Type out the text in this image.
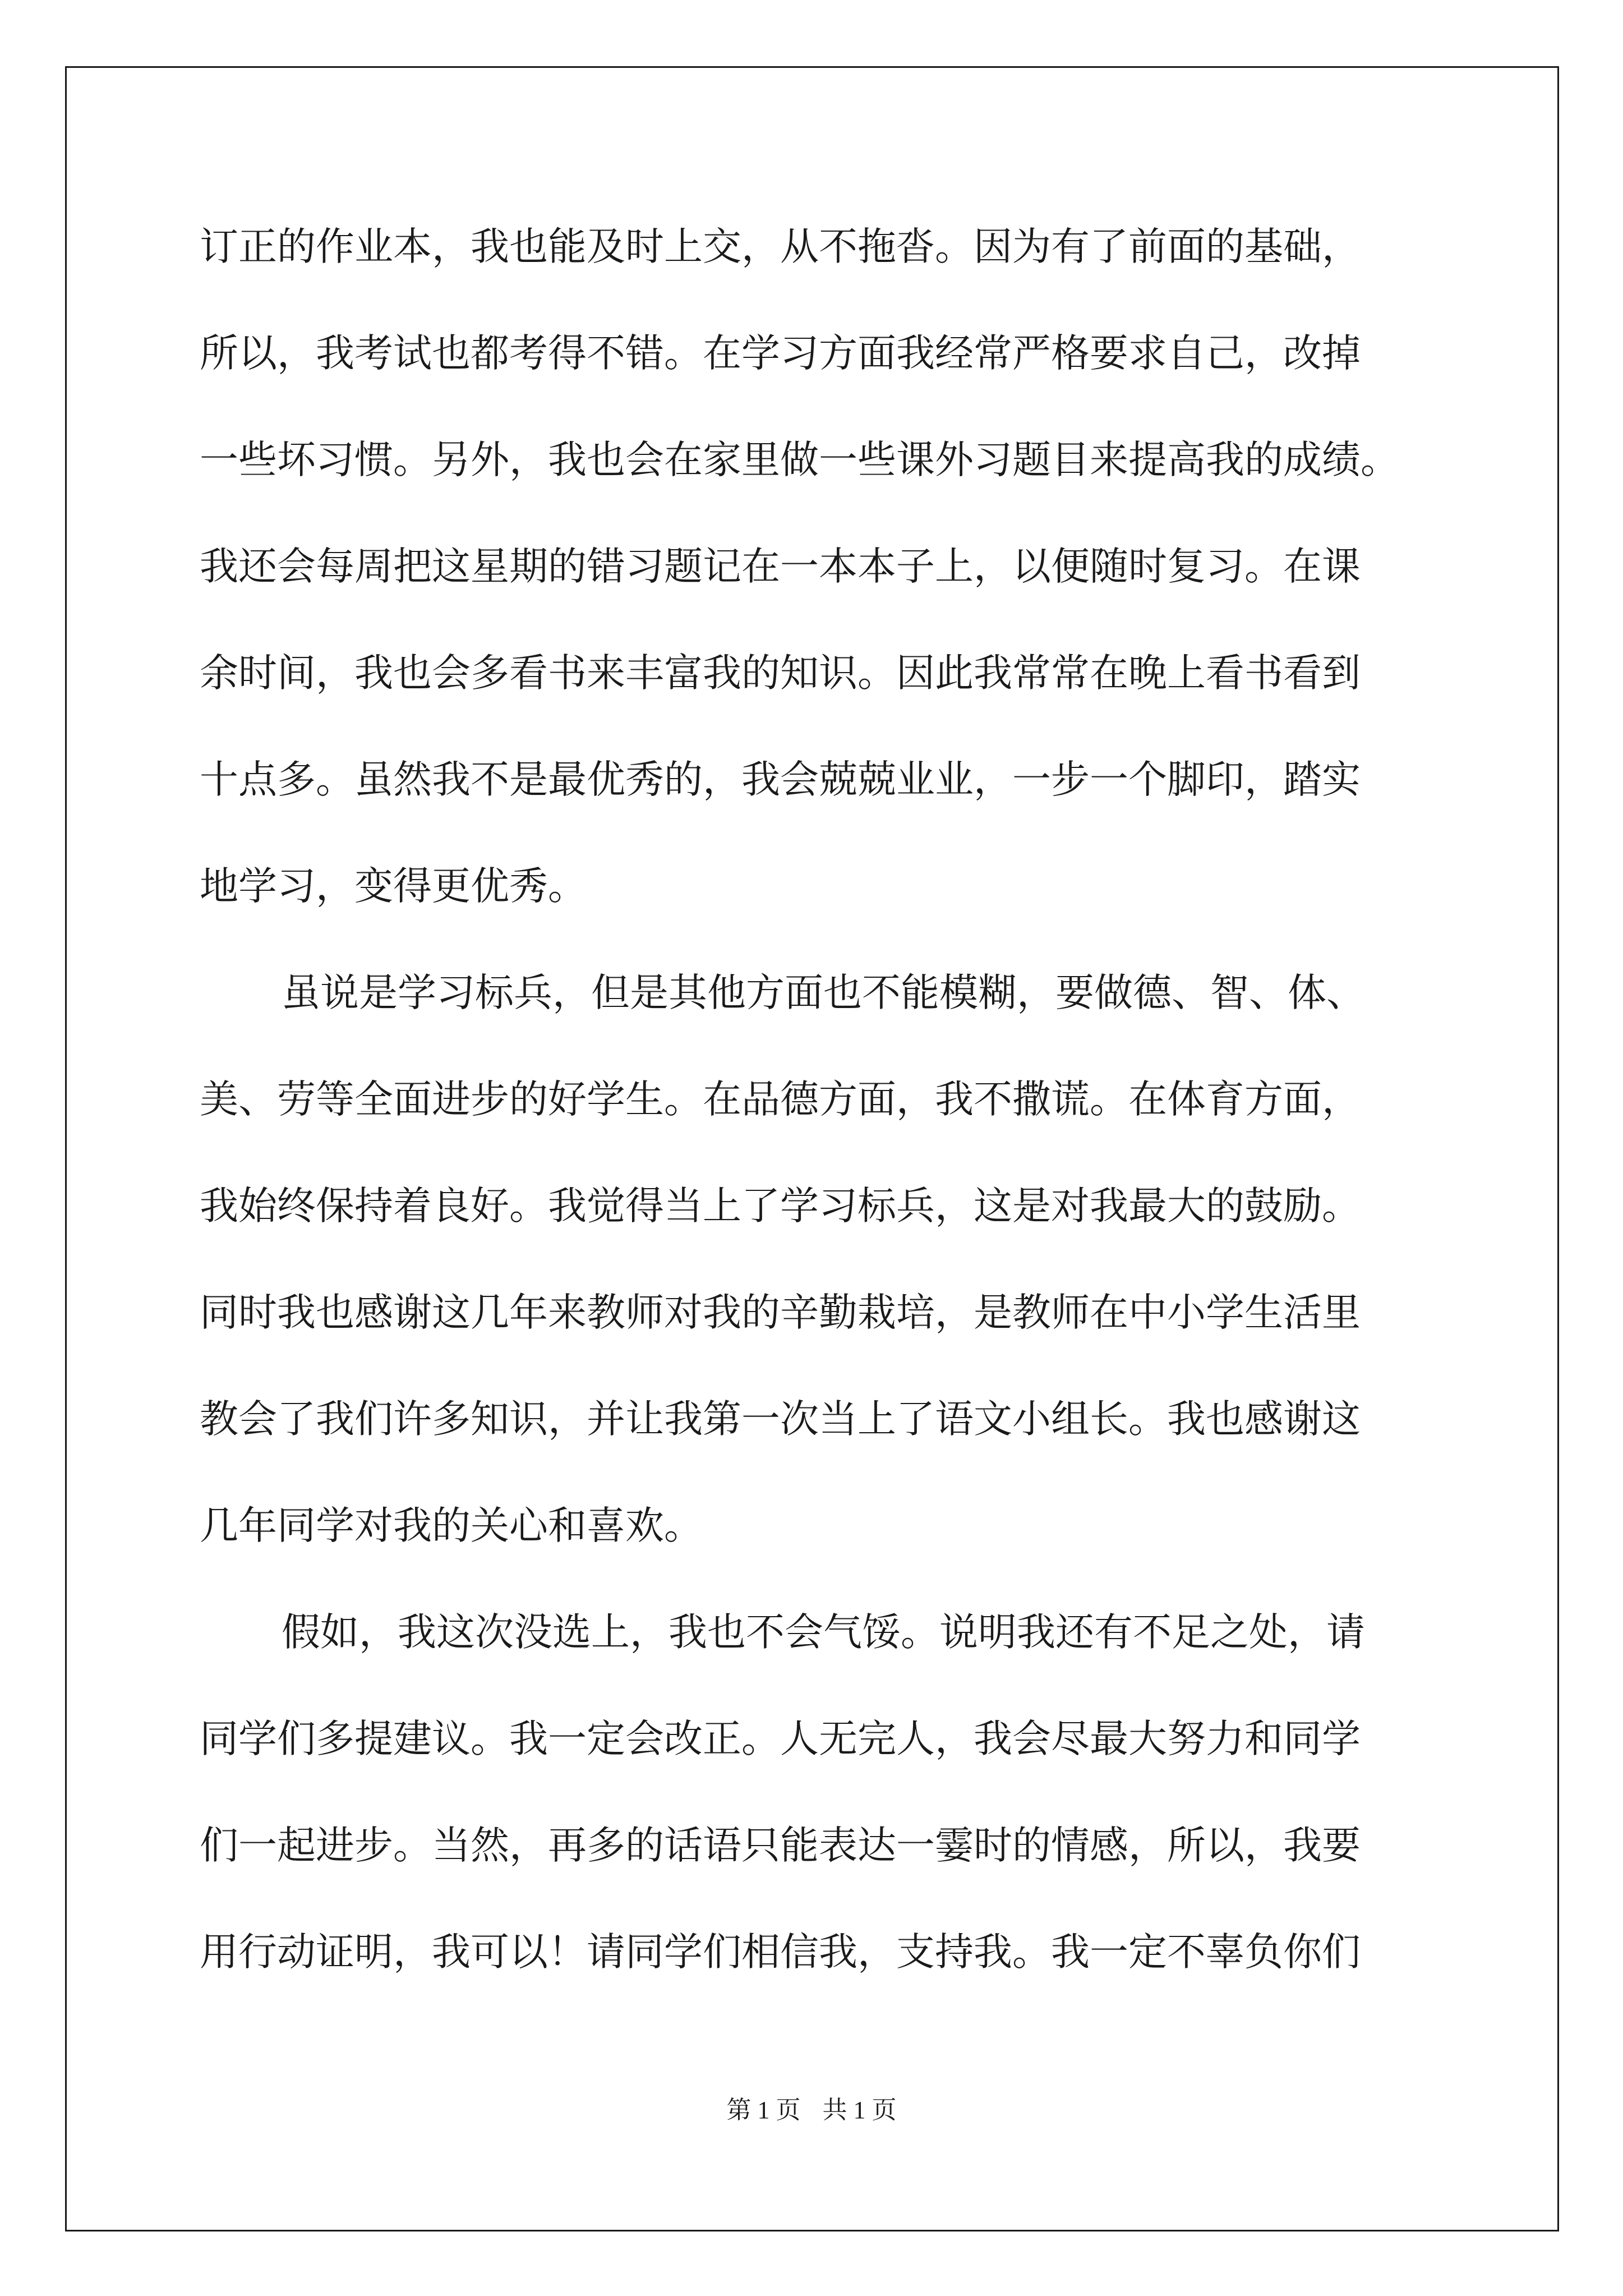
订正的作业本，我也能及时上交，从不拖沓。因为有了前面的基础，
所以，我考试也都考得不错。在学习方面我经常严格要求自己，改掉
一些坏习惯。另外，我也会在家里做一些课外习题目来提高我的成绩。
我还会每周把这星期的错习题记在一本本子上，以便随时复习。在课
余时间，我也会多看书来丰富我的知识。因此我常常在晚上看书看到
十点多。虽然我不是最优秀的，我会兢兢业业，一步一个脚印，踏实
地学习，变得更优秀。
虽说是学习标兵，但是其他方面也不能模糊，要做德、智、体、
美、劳等全面进步的好学生。在品德方面，我不撒谎。在体育方面，
我始终保持着良好。我觉得当上了学习标兵，这是对我最大的鼓励。
同时我也感谢这几年来教师对我的辛勤栽培，是教师在中小学生活里
教会了我们许多知识，并让我第一次当上了语文小组长。我也感谢这
几年同学对我的关心和喜欢。
假如，我这次没选上，我也不会气馁。说明我还有不足之处，请
同学们多提建议。我一定会改正。人无完人，我会尽最大努力和同学
们一起进步。当然，再多的话语只能表达一霎时的情感，所以，我要
用行动证明，我可以！请同学们相信我，支持我。我一定不辜负你们
第 1 页 共 1 页
